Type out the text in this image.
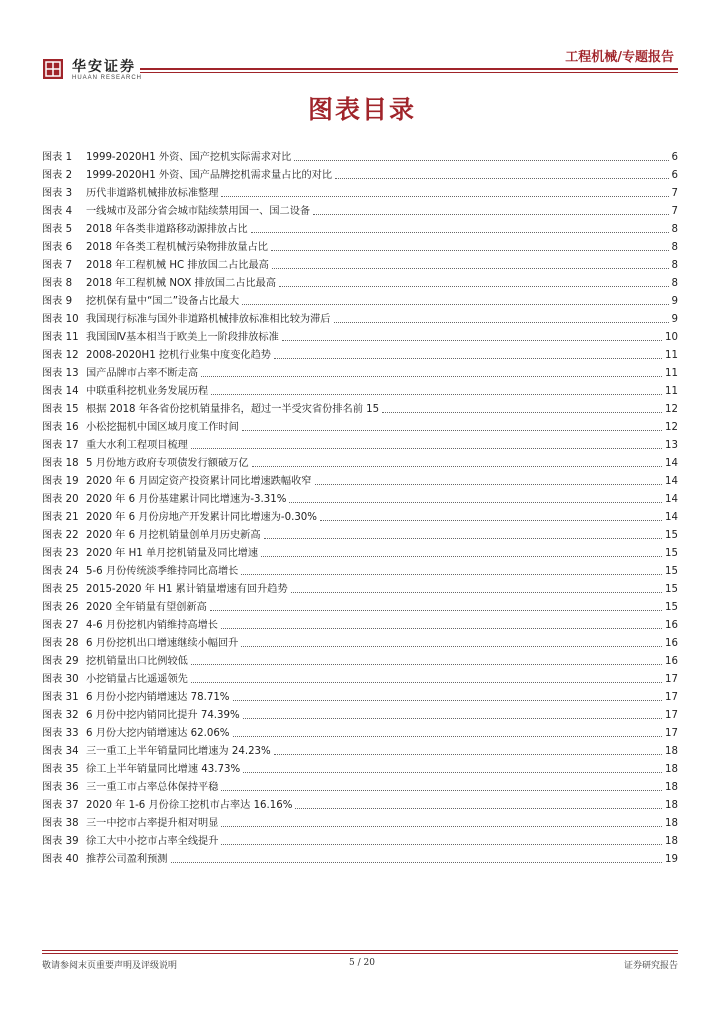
华安证券
HUAAN RESEARCH
工程机械/专题报告
图表目录
图表 1	1999-2020H1 外资、国产挖机实际需求对比	6
图表 2	1999-2020H1 外资、国产品牌挖机需求量占比的对比	6
图表 3	历代非道路机械排放标准整理	7
图表 4	一线城市及部分省会城市陆续禁用国一、国二设备	7
图表 5	2018 年各类非道路移动源排放占比	8
图表 6	2018 年各类工程机械污染物排放量占比	8
图表 7	2018 年工程机械 HC 排放国二占比最高	8
图表 8	2018 年工程机械 NOX 排放国二占比最高	8
图表 9	挖机保有量中“国二”设备占比最大	9
图表 10 我国现行标准与国外非道路机械排放标准相比较为滞后	9
图表 11 我国国Ⅳ基本相当于欧美上一阶段排放标准	10
图表 12 2008-2020H1 挖机行业集中度变化趋势	11
图表 13 国产品牌市占率不断走高	11
图表 14 中联重科挖机业务发展历程	11
图表 15 根据 2018 年各省份挖机销量排名，超过一半受灾省份排名前 15	12
图表 16 小松挖掘机中国区域月度工作时间	12
图表 17 重大水利工程项目梳理	13
图表 18 5 月份地方政府专项债发行额破万亿	14
图表 19 2020 年 6 月固定资产投资累计同比增速跌幅收窄	14
图表 20 2020 年 6 月份基建累计同比增速为-3.31%	14
图表 21 2020 年 6 月份房地产开发累计同比增速为-0.30%	14
图表 22 2020 年 6 月挖机销量创单月历史新高	15
图表 23 2020 年 H1 单月挖机销量及同比增速	15
图表 24 5-6 月份传统淡季维持同比高增长	15
图表 25 2015-2020 年 H1 累计销量增速有回升趋势	15
图表 26 2020 全年销量有望创新高	15
图表 27 4-6 月份挖机内销维持高增长	16
图表 28 6 月份挖机出口增速继续小幅回升	16
图表 29 挖机销量出口比例较低	16
图表 30 小挖销量占比遥遥领先	17
图表 31 6 月份小挖内销增速达 78.71%	17
图表 32 6 月份中挖内销同比提升 74.39%	17
图表 33 6 月份大挖内销增速达 62.06%	17
图表 34 三一重工上半年销量同比增速为 24.23%	18
图表 35 徐工上半年销量同比增速 43.73%	18
图表 36 三一重工市占率总体保持平稳	18
图表 37 2020 年 1-6 月份徐工挖机市占率达 16.16%	18
图表 38 三一中挖市占率提升相对明显	18
图表 39 徐工大中小挖市占率全线提升	18
图表 40 推荐公司盈利预测	19
敬请参阅末页重要声明及评级说明	5 / 20	证券研究报告
